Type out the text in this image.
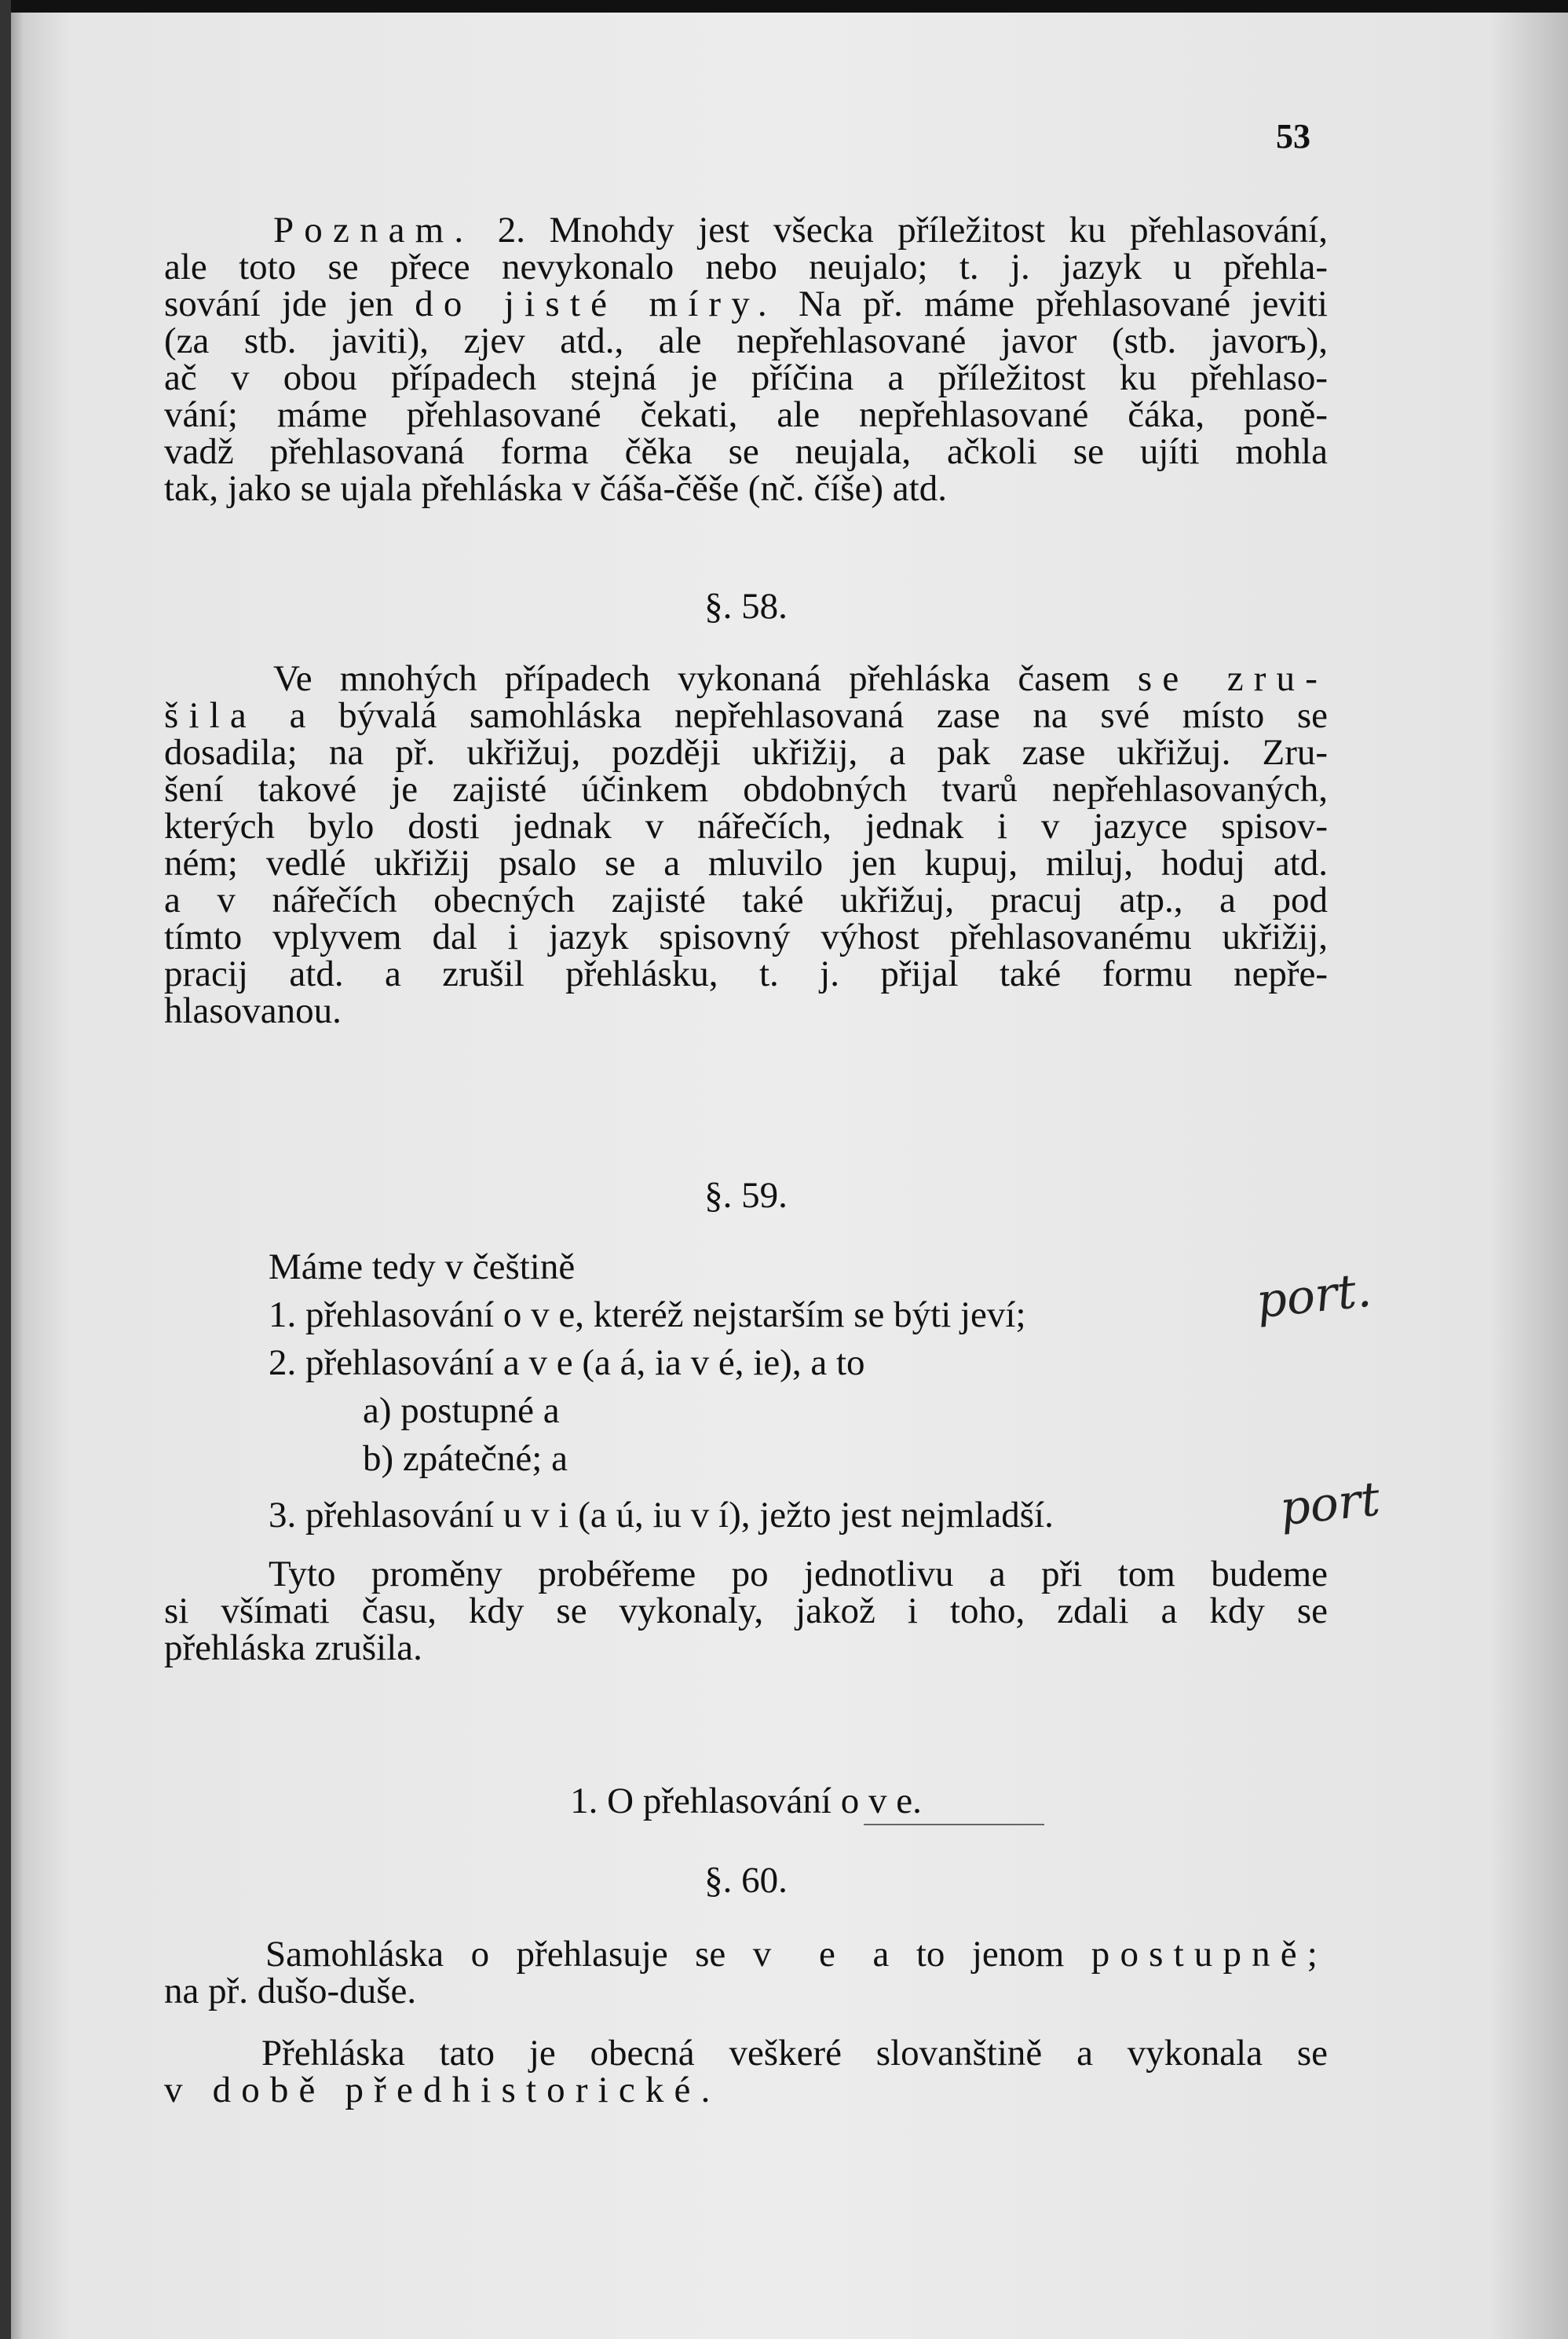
53
Poznam. 2. Mnohdy jest všecka příležitost ku přehlasování,
ale toto se přece nevykonalo nebo neujalo; t. j. jazyk u přehla-
sování jde jen do jisté míry. Na př. máme přehlasované jeviti
(za stb. javiti), zjev atd., ale nepřehlasované javor (stb. javorъ),
ač v obou případech stejná je příčina a příležitost ku přehlaso-
vání; máme přehlasované čekati, ale nepřehlasované čáka, poně-
vadž přehlasovaná forma čěka se neujala, ačkoli se ujíti mohla
tak, jako se ujala přehláska v čáša-čěše (nč. číše) atd.
§. 58.
Ve mnohých případech vykonaná přehláska časem se zru-
šila a bývalá samohláska nepřehlasovaná zase na své místo se
dosadila; na př. ukřižuj, později ukřižij, a pak zase ukřižuj. Zru-
šení takové je zajisté účinkem obdobných tvarů nepřehlasovaných,
kterých bylo dosti jednak v nářečích, jednak i v jazyce spisov-
ném; vedlé ukřižij psalo se a mluvilo jen kupuj, miluj, hoduj atd.
a v nářečích obecných zajisté také ukřižuj, pracuj atp., a pod
tímto vplyvem dal i jazyk spisovný výhost přehlasovanému ukřižij,
pracij atd. a zrušil přehlásku, t. j. přijal také formu nepře-
hlasovanou.
§. 59.
Máme tedy v češtině
1. přehlasování o v e, kteréž nejstarším se býti jeví;
2. přehlasování a v e (a á, ia v é, ie), a to
a) postupné a
b) zpátečné; a
3. přehlasování u v i (a ú, iu v í), ježto jest nejmladší.
Tyto proměny probéřeme po jednotlivu a při tom budeme
si všímati času, kdy se vykonaly, jakož i toho, zdali a kdy se
přehláska zrušila.
1. O přehlasování o v e.
§. 60.
Samohláska o přehlasuje se v e a to jenom postupně;
na př. dušo-duše.
Přehláska tato je obecná veškeré slovanštině a vykonala se
v době předhistorické.
port.
port
